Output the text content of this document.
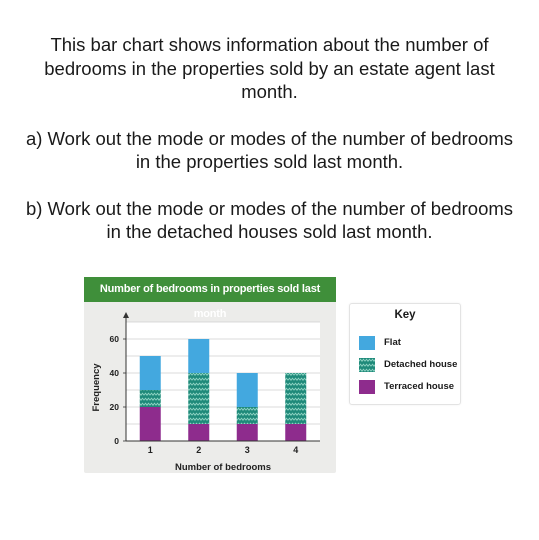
This bar chart shows information about the number of bedrooms in the properties sold by an estate agent last month.

a) Work out the mode or modes of the number of bedrooms in the properties sold last month.

b) Work out the mode or modes of the number of bedrooms in the detached houses sold last month.

Number of bedrooms in properties sold last month
1	2	3	4
0
20
40
60
Number of bedrooms
Frequency
Key
Flat
Detached house
Terraced house
